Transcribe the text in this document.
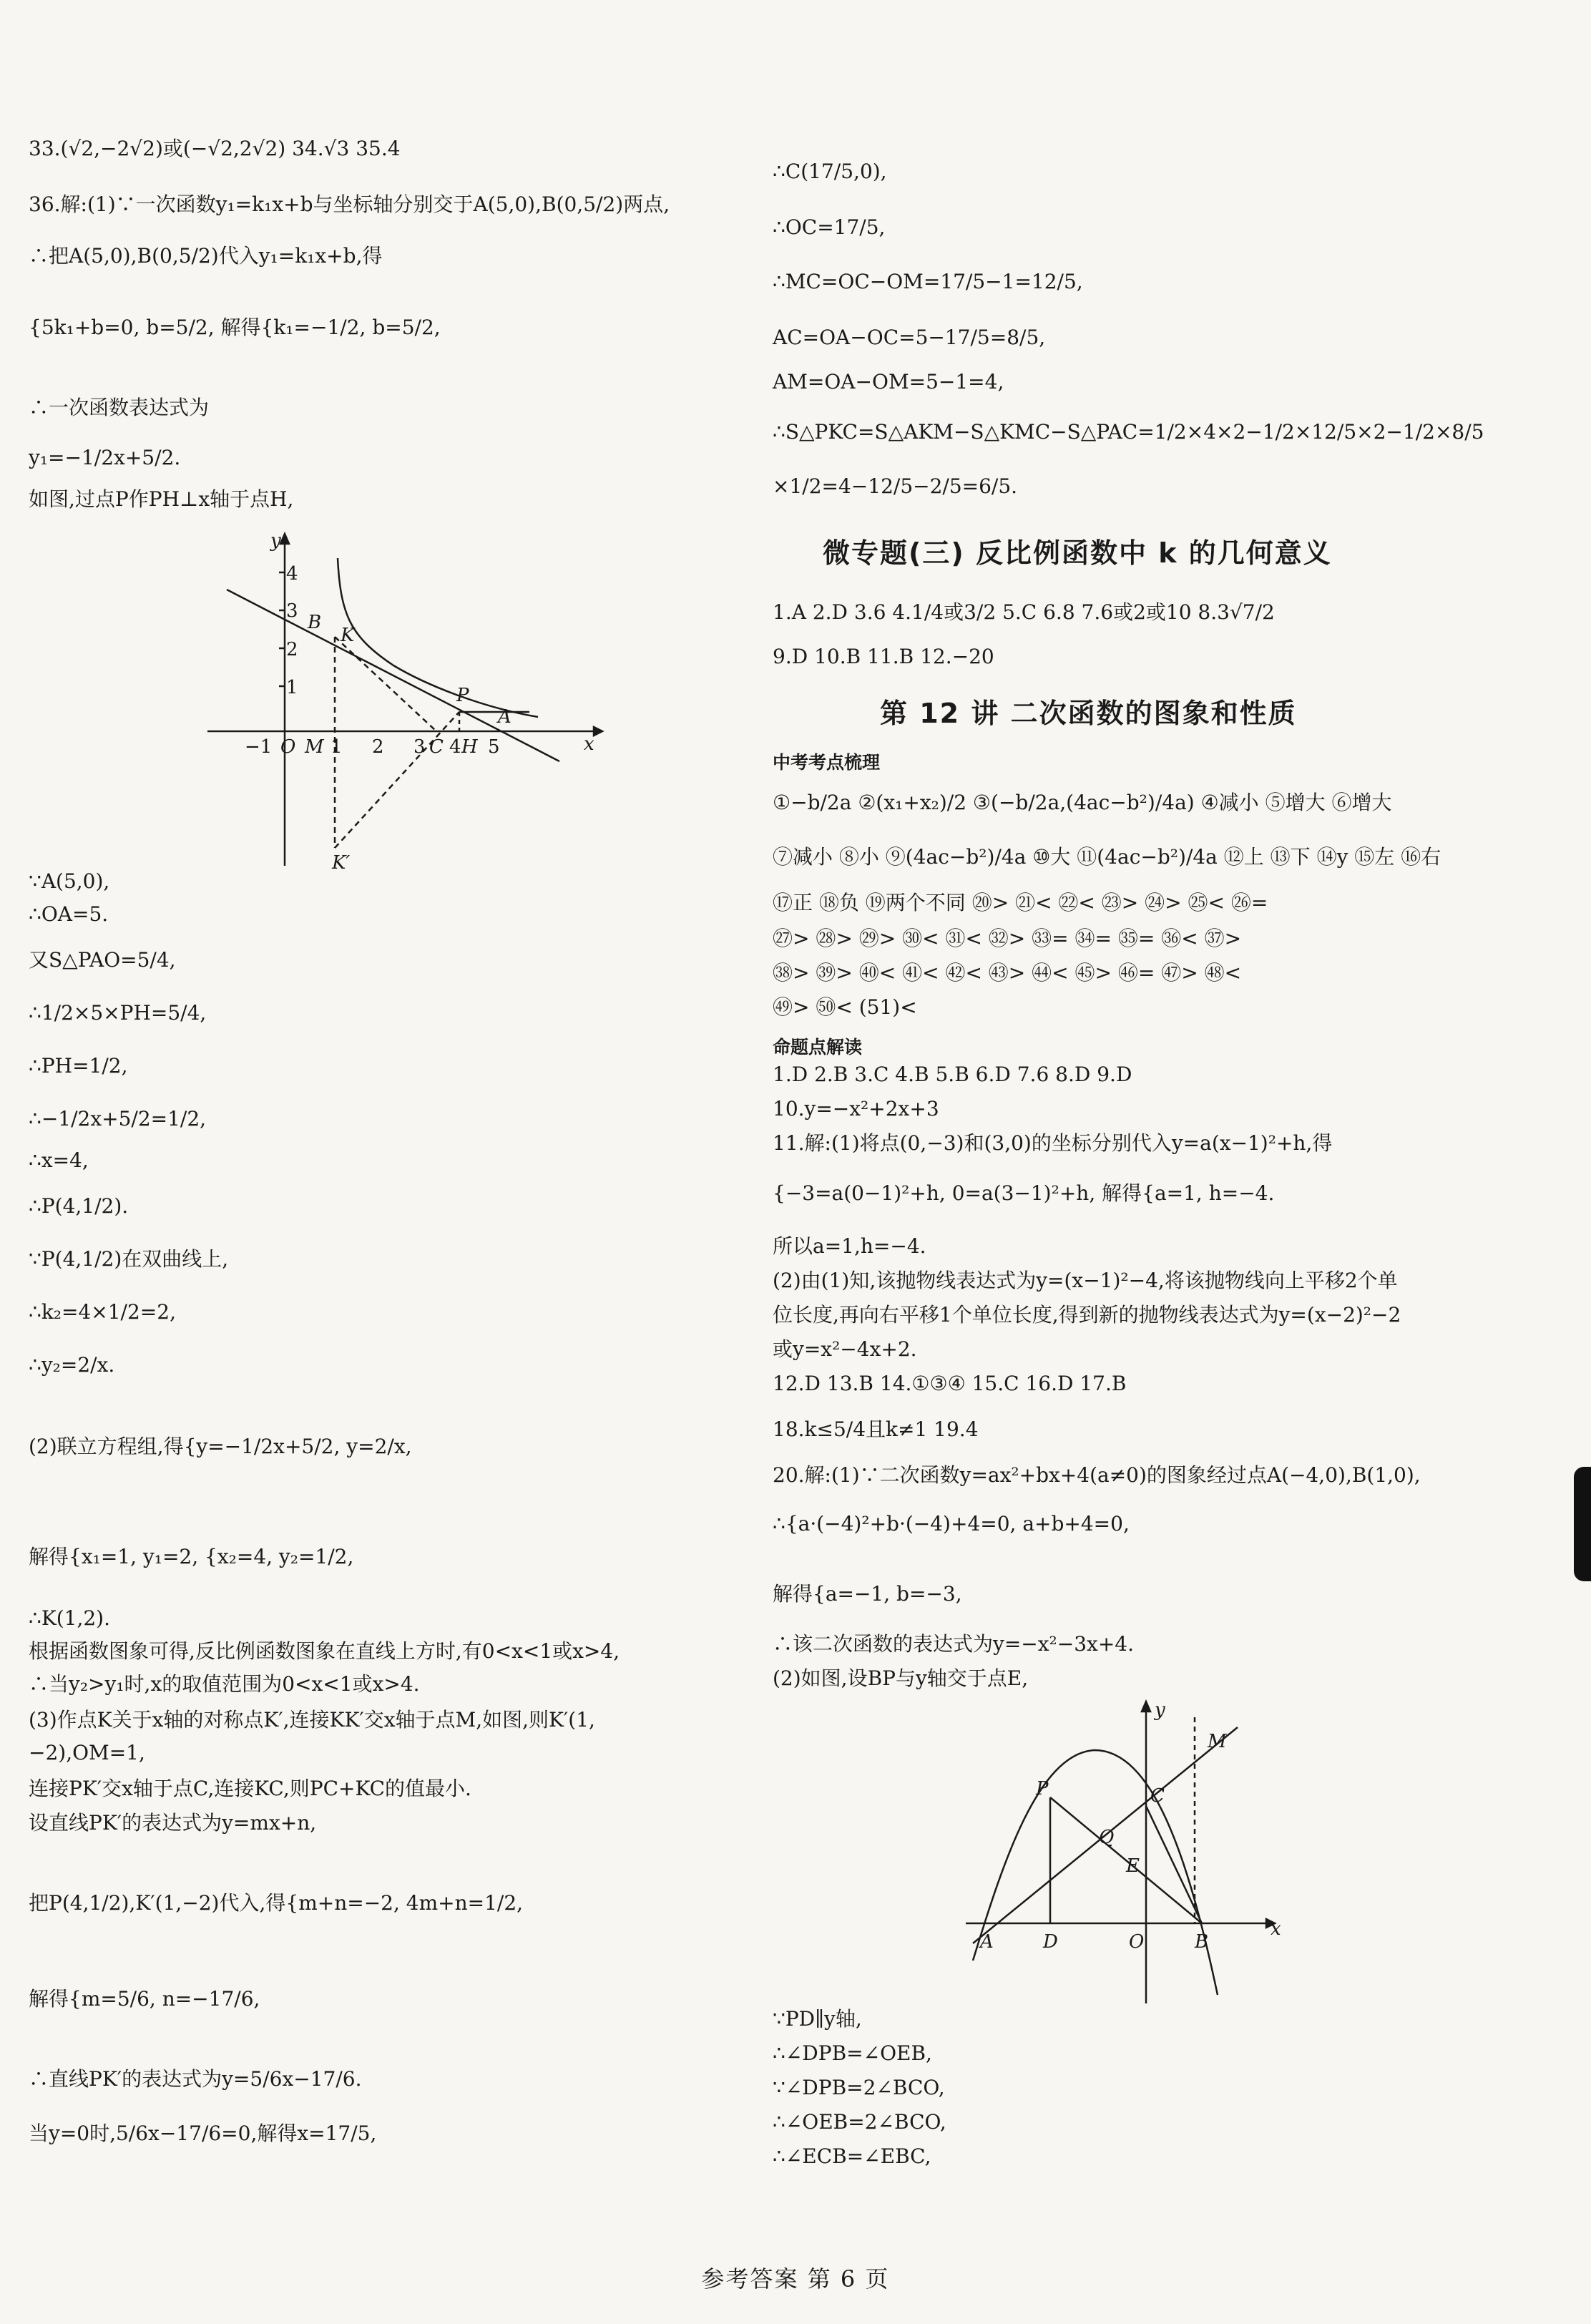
33.(√2,−2√2)或(−√2,2√2) 34.√3 35.4
36.解:(1)∵一次函数y₁=k₁x+b与坐标轴分别交于A(5,0),B(0,5/2)两点,
∴把A(5,0),B(0,5/2)代入y₁=k₁x+b,得
{5k₁+b=0, b=5/2, 解得{k₁=−1/2, b=5/2,
∴一次函数表达式为
y₁=−1/2x+5/2.
如图,过点P作PH⊥x轴于点H,
∵A(5,0),
∴OA=5.
又S△PAO=5/4,
∴1/2×5×PH=5/4,
∴PH=1/2,
∴−1/2x+5/2=1/2,
∴x=4,
∴P(4,1/2).
∵P(4,1/2)在双曲线上,
∴k₂=4×1/2=2,
∴y₂=2/x.
(2)联立方程组,得{y=−1/2x+5/2, y=2/x,
解得{x₁=1, y₁=2, {x₂=4, y₂=1/2,
∴K(1,2).
根据函数图象可得,反比例函数图象在直线上方时,有0<x<1或x>4,
∴当y₂>y₁时,x的取值范围为0<x<1或x>4.
(3)作点K关于x轴的对称点K′,连接KK′交x轴于点M,如图,则K′(1,
−2),OM=1,
连接PK′交x轴于点C,连接KC,则PC+KC的值最小.
设直线PK′的表达式为y=mx+n,
把P(4,1/2),K′(1,−2)代入,得{m+n=−2, 4m+n=1/2,
解得{m=5/6, n=−17/6,
∴直线PK′的表达式为y=5/6x−17/6.
当y=0时,5/6x−17/6=0,解得x=17/5,
微专题(三) 反比例函数中 k 的几何意义
第 12 讲 二次函数的图象和性质
中考考点梳理
命题点解读
∴C(17/5,0),
∴OC=17/5,
∴MC=OC−OM=17/5−1=12/5,
AC=OA−OC=5−17/5=8/5,
AM=OA−OM=5−1=4,
∴S△PKC=S△AKM−S△KMC−S△PAC=1/2×4×2−1/2×12/5×2−1/2×8/5
×1/2=4−12/5−2/5=6/5.
1.A 2.D 3.6 4.1/4或3/2 5.C 6.8 7.6或2或10 8.3√7/2
9.D 10.B 11.B 12.−20
①−b/2a ②(x₁+x₂)/2 ③(−b/2a,(4ac−b²)/4a) ④减小 ⑤增大 ⑥增大
⑦减小 ⑧小 ⑨(4ac−b²)/4a ⑩大 ⑪(4ac−b²)/4a ⑫上 ⑬下 ⑭y ⑮左 ⑯右
⑰正 ⑱负 ⑲两个不同 ⑳> ㉑< ㉒< ㉓> ㉔> ㉕< ㉖=
㉗> ㉘> ㉙> ㉚< ㉛< ㉜> ㉝= ㉞= ㉟= ㊱< ㊲>
㊳> ㊴> ㊵< ㊶< ㊷< ㊸> ㊹< ㊺> ㊻= ㊼> ㊽<
㊾> ㊿< (51)<
1.D 2.B 3.C 4.B 5.B 6.D 7.6 8.D 9.D
10.y=−x²+2x+3
11.解:(1)将点(0,−3)和(3,0)的坐标分别代入y=a(x−1)²+h,得
{−3=a(0−1)²+h, 0=a(3−1)²+h, 解得{a=1, h=−4.
所以a=1,h=−4.
(2)由(1)知,该抛物线表达式为y=(x−1)²−4,将该抛物线向上平移2个单
位长度,再向右平移1个单位长度,得到新的抛物线表达式为y=(x−2)²−2
或y=x²−4x+2.
12.D 13.B 14.①③④ 15.C 16.D 17.B
18.k≤5/4且k≠1 19.4
20.解:(1)∵二次函数y=ax²+bx+4(a≠0)的图象经过点A(−4,0),B(1,0),
∴{a·(−4)²+b·(−4)+4=0, a+b+4=0,
解得{a=−1, b=−3,
∴该二次函数的表达式为y=−x²−3x+4.
(2)如图,设BP与y轴交于点E,
∵PD∥y轴,
∴∠DPB=∠OEB,
∵∠DPB=2∠BCO,
∴∠OEB=2∠BCO,
∴∠ECB=∠EBC,
y
x
4
3
2
1
−1 O M 1 2 3 C 4 H 5
A
B
K
P
K′
y
x
P	C
M
Q
E
A	D	O	B
参考答案 第 6 页
